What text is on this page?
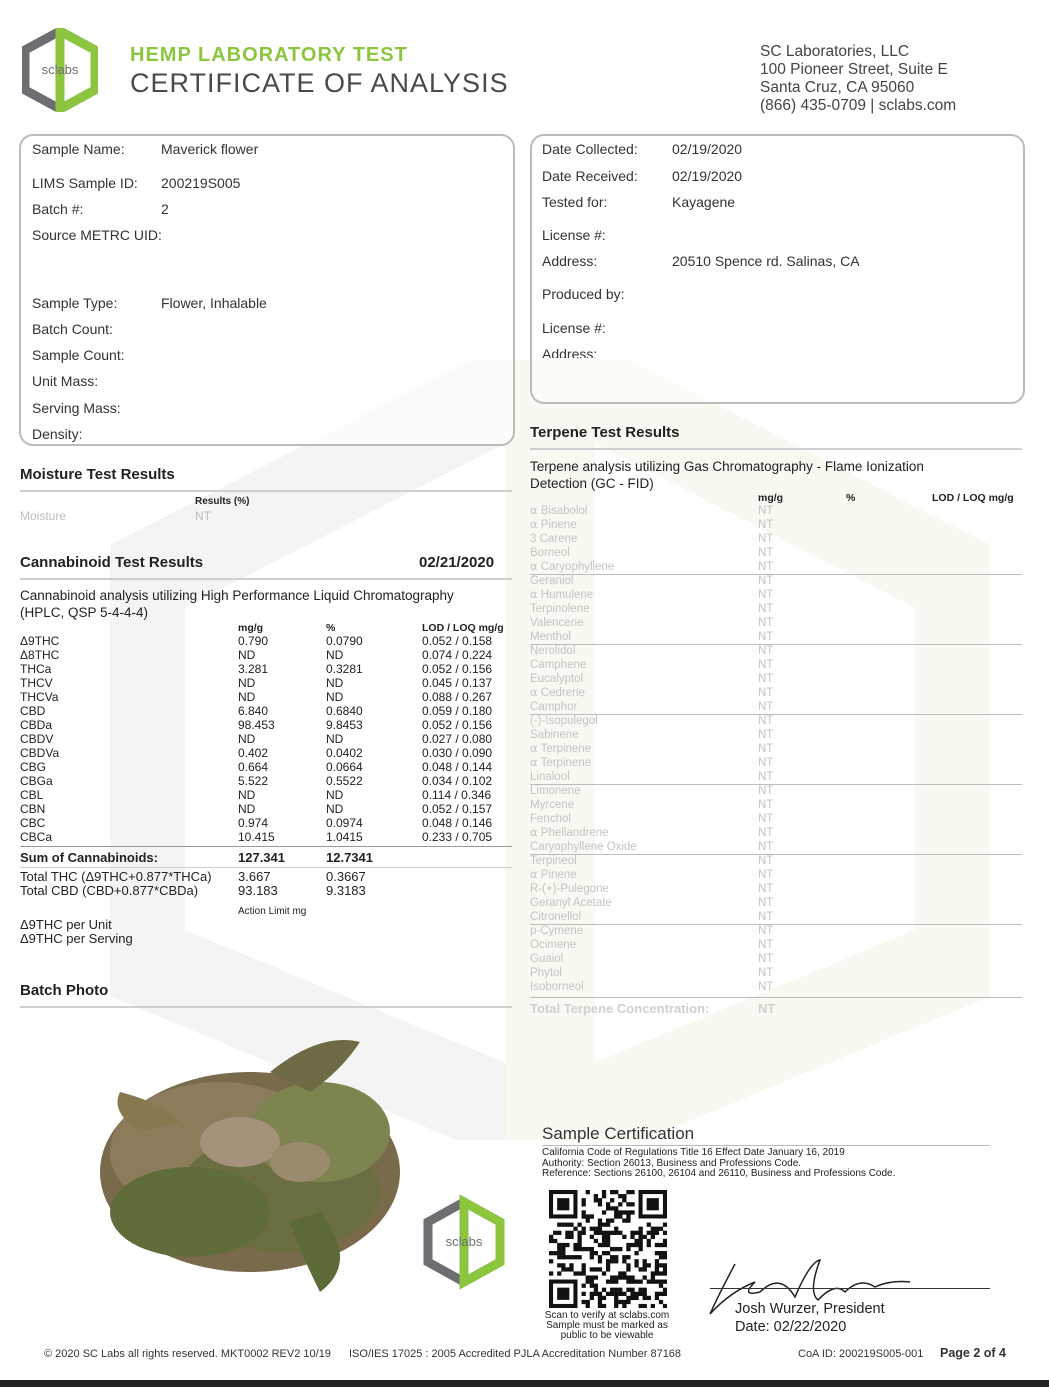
sclabs
HEMP LABORATORY TEST
CERTIFICATE OF ANALYSIS
SC Laboratories, LLC
100 Pioneer Street, Suite E
Santa Cruz, CA 95060
(866) 435-0709 | sclabs.com
Sample Name:	Maverick flower
LIMS Sample ID: 200219S005
Batch #:	2
Source METRC UID:
Sample Type:	Flower, Inhalable
Batch Count:
Sample Count:
Unit Mass:
Serving Mass:
Density:
Date Collected: 02/19/2020
Date Received: 02/19/2020
Tested for:	Kayagene
License #:
Address:	20510 Spence rd. Salinas, CA
Produced by:
License #:
Address:
Moisture Test Results
Results (%)
Moisture	NT
Cannabinoid Test Results	02/21/2020
Cannabinoid analysis utilizing High Performance Liquid Chromatography
(HPLC, QSP 5-4-4-4)
mg/g	%	LOD / LOQ mg/g
Δ9THC	0.790	0.0790	0.052 / 0.158
Δ8THC	ND	ND	0.074 / 0.224
THCa	3.281	0.3281	0.052 / 0.156
THCV	ND	ND	0.045 / 0.137
THCVa	ND	ND	0.088 / 0.267
CBD	6.840	0.6840	0.059 / 0.180
CBDa	98.453	9.8453	0.052 / 0.156
CBDV	ND	ND	0.027 / 0.080
CBDVa	0.402	0.0402	0.030 / 0.090
CBG	0.664	0.0664	0.048 / 0.144
CBGa	5.522	0.5522	0.034 / 0.102
CBL	ND	ND	0.114 / 0.346
CBN	ND	ND	0.052 / 0.157
CBC	0.974	0.0974	0.048 / 0.146
CBCa	10.415	1.0415	0.233 / 0.705
Sum of Cannabinoids:	127.341	12.7341
Total THC (Δ9THC+0.877*THCa) 3.667	0.3667
Total CBD (CBD+0.877*CBDa)	93.183	9.3183
Action Limit mg
Δ9THC per Unit
Δ9THC per Serving
Batch Photo
sclabs
Terpene Test Results
Terpene analysis utilizing Gas Chromatography - Flame Ionization
Detection (GC - FID)
mg/g	%	LOD / LOQ mg/g
⍺ Bisabolol	NT
⍺ Pinene	NT
3 Carene	NT
Borneol	NT
⍺ Caryophyllene	NT
Geraniol	NT
⍺ Humulene	NT
Terpinolene	NT
Valencene	NT
Menthol	NT
Nerolidol	NT
Camphene	NT
Eucalyptol	NT
⍺ Cedrene	NT
Camphor	NT
(-)-Isopulegol	NT
Sabinene	NT
⍺ Terpinene	NT
⍺ Terpinene	NT
Linalool	NT
Limonene	NT
Myrcene	NT
Fenchol	NT
⍺ Phellandrene	NT
Caryophyllene Oxide	NT
Terpineol	NT
⍺ Pinene	NT
R-(+)-Pulegone	NT
Geranyl Acetate	NT
Citronellol	NT
p-Cymene	NT
Ocimene	NT
Guaiol	NT
Phytol	NT
Isoborneol	NT
Total Terpene Concentration:	NT
Sample Certification
California Code of Regulations Title 16 Effect Date January 16, 2019
Authority: Section 26013, Business and Professions Code.
Reference: Sections 26100, 26104 and 26110, Business and Professions Code.
Scan to verify at sclabs.com
Sample must be marked as
public to be viewable
Josh Wurzer, President
Date: 02/22/2020
© 2020 SC Labs all rights reserved. MKT0002 REV2 10/19 ISO/IES 17025 : 2005 Accredited PJLA Accreditation Number 87168	CoA ID: 200219S005-001 Page 2 of 4
